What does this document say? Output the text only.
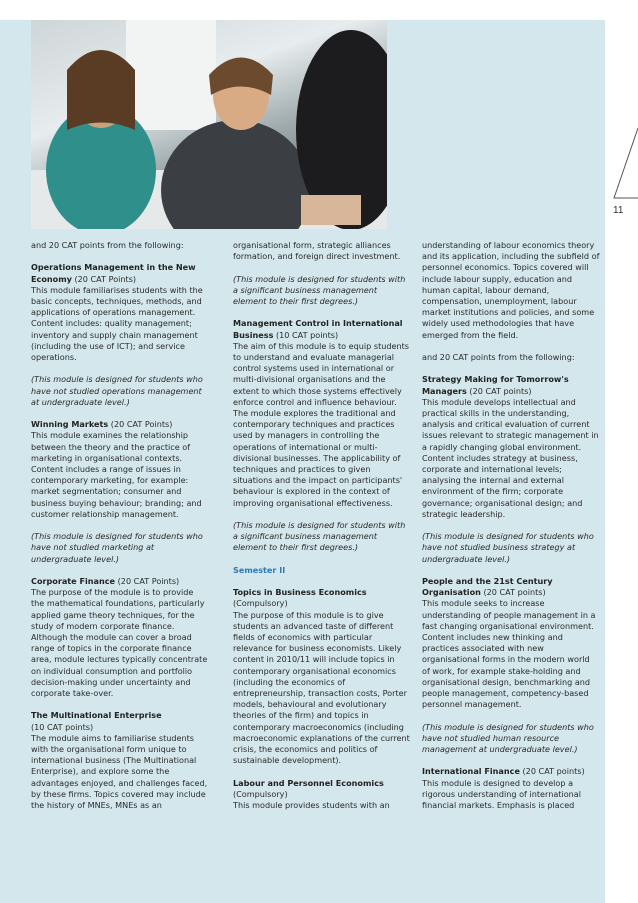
11

and 20 CAT points from the following:

Operations Management in the New Economy (20 CAT Points)
This module familiarises students with the basic concepts, techniques, methods, and applications of operations management. Content includes: quality management; inventory and supply chain management (including the use of ICT); and service operations.

(This module is designed for students who have not studied operations management at undergraduate level.)

Winning Markets (20 CAT Points)
This module examines the relationship between the theory and the practice of marketing in organisational contexts. Content includes a range of issues in contemporary marketing, for example: market segmentation; consumer and business buying behaviour; branding; and customer relationship management.

(This module is designed for students who have not studied marketing at undergraduate level.)

Corporate Finance (20 CAT Points)
The purpose of the module is to provide the mathematical foundations, particularly applied game theory techniques, for the study of modern corporate finance. Although the module can cover a broad range of topics in the corporate finance area, module lectures typically concentrate on individual consumption and portfolio decision-making under uncertainty and corporate take-over.

The Multinational Enterprise
(10 CAT points)
The module aims to familiarise students with the organisational form unique to international business (The Multinational Enterprise), and explore some the advantages enjoyed, and challenges faced, by these firms. Topics covered may include the history of MNEs, MNEs as an

organisational form, strategic alliances formation, and foreign direct investment.

(This module is designed for students with a significant business management element to their first degrees.)

Management Control in International Business (10 CAT points)
The aim of this module is to equip students to understand and evaluate managerial control systems used in international or multi-divisional organisations and the extent to which those systems effectively enforce control and influence behaviour. The module explores the traditional and contemporary techniques and practices used by managers in controlling the operations of international or multi-divisional businesses. The applicability of techniques and practices to given situations and the impact on participants' behaviour is explored in the context of improving organisational effectiveness.

(This module is designed for students with a significant business management element to their first degrees.)

Semester II

Topics in Business Economics
(Compulsory)
The purpose of this module is to give students an advanced taste of different fields of economics with particular relevance for business economists. Likely content in 2010/11 will include topics in contemporary organisational economics (including the economics of entrepreneurship, transaction costs, Porter models, behavioural and evolutionary theories of the firm) and topics in contemporary macroeconomics (including macroeconomic explanations of the current crisis, the economics and politics of sustainable development).

Labour and Personnel Economics
(Compulsory)
This module provides students with an

understanding of labour economics theory and its application, including the subfield of personnel economics. Topics covered will include labour supply, education and human capital, labour demand, compensation, unemployment, labour market institutions and policies, and some widely used methodologies that have emerged from the field.

and 20 CAT points from the following:

Strategy Making for Tomorrow's Managers (20 CAT points)
This module develops intellectual and practical skills in the understanding, analysis and critical evaluation of current issues relevant to strategic management in a rapidly changing global environment. Content includes strategy at business, corporate and international levels; analysing the internal and external environment of the firm; corporate governance; organisational design; and strategic leadership.

(This module is designed for students who have not studied business strategy at undergraduate level.)

People and the 21st Century Organisation (20 CAT points)
This module seeks to increase understanding of people management in a fast changing organisational environment. Content includes new thinking and practices associated with new organisational forms in the modern world of work, for example stake-holding and organisational design, benchmarking and people management, competency-based personnel management.

(This module is designed for students who have not studied human resource management at undergraduate level.)

International Finance (20 CAT points)
This module is designed to develop a rigorous understanding of international financial markets. Emphasis is placed
